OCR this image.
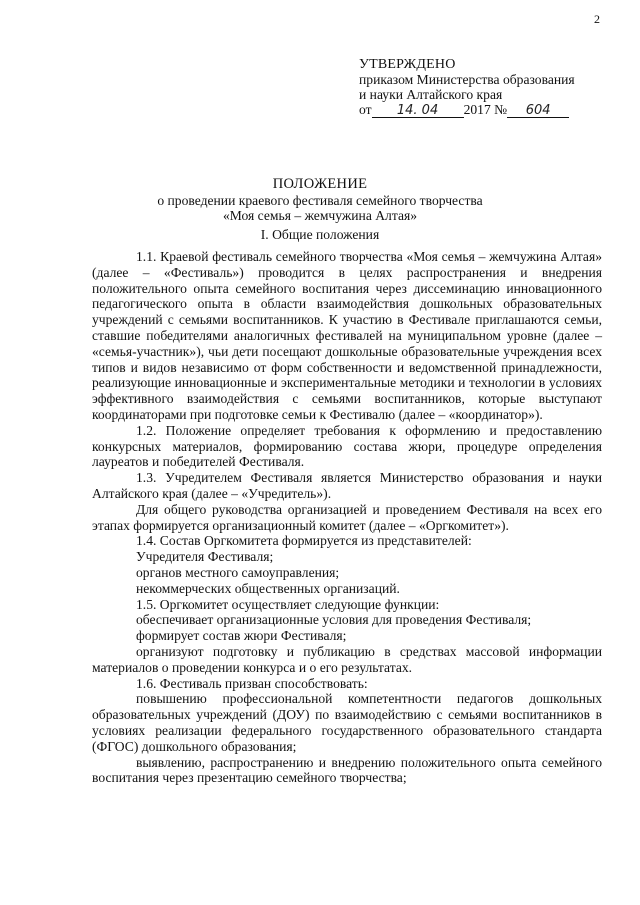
2
УТВЕРЖДЕНО
приказом Министерства образования
и науки Алтайского края
от 14. 04 2017 № 604
ПОЛОЖЕНИЕ
о проведении краевого фестиваля семейного творчества
«Моя семья – жемчужина Алтая»
I. Общие положения

1.1. Краевой фестиваль семейного творчества «Моя семья – жемчужина Алтая» (далее – «Фестиваль») проводится в целях распространения и внедрения положительного опыта семейного воспитания через диссеминацию инновационного педагогического опыта в области взаимодействия дошкольных образовательных учреждений с семьями воспитанников. К участию в Фестивале приглашаются семьи, ставшие победителями аналогичных фестивалей на муниципальном уровне (далее – «семья-участник»), чьи дети посещают дошкольные образовательные учреждения всех типов и видов независимо от форм собственности и ведомственной принадлежности, реализующие инновационные и экспериментальные методики и технологии в условиях эффективного взаимодействия с семьями воспитанников, которые выступают координаторами при подготовке семьи к Фестивалю (далее – «координатор»).

1.2. Положение определяет требования к оформлению и предоставлению конкурсных материалов, формированию состава жюри, процедуре определения лауреатов и победителей Фестиваля.

1.3. Учредителем Фестиваля является Министерство образования и науки Алтайского края (далее – «Учредитель»).

Для общего руководства организацией и проведением Фестиваля на всех его этапах формируется организационный комитет (далее – «Оргкомитет»).

1.4. Состав Оргкомитета формируется из представителей:

Учредителя Фестиваля;

органов местного самоуправления;

некоммерческих общественных организаций.

1.5. Оргкомитет осуществляет следующие функции:

обеспечивает организационные условия для проведения Фестиваля;

формирует состав жюри Фестиваля;

организуют подготовку и публикацию в средствах массовой информации материалов о проведении конкурса и о его результатах.

1.6. Фестиваль призван способствовать:

повышению профессиональной компетентности педагогов дошкольных образовательных учреждений (ДОУ) по взаимодействию с семьями воспитанников в условиях реализации федерального государственного образовательного стандарта (ФГОС) дошкольного образования;

выявлению, распространению и внедрению положительного опыта семейного воспитания через презентацию семейного творчества;
